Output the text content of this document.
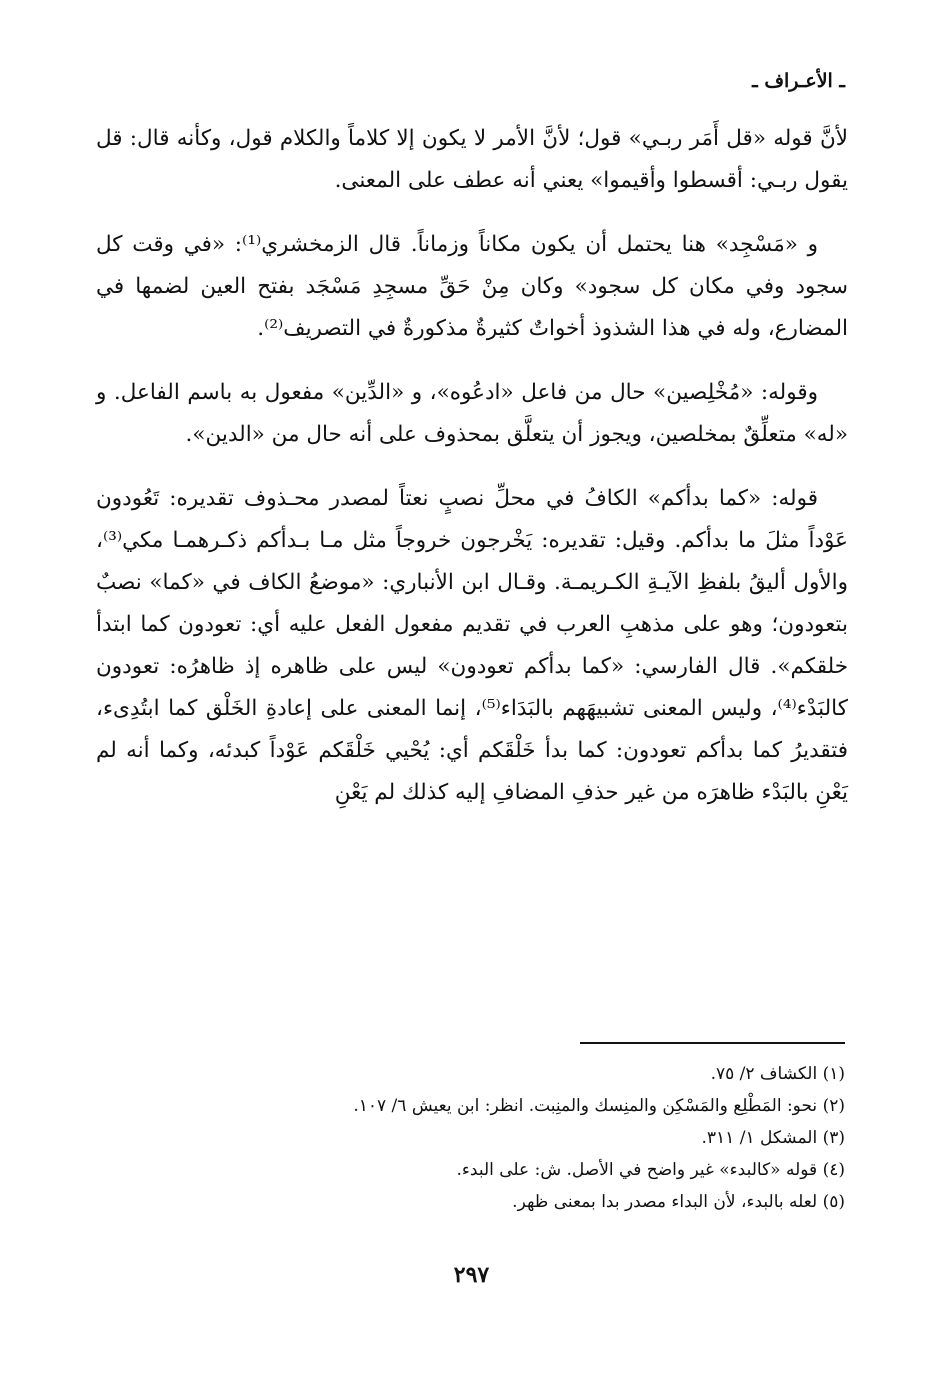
ـ الأعـراف ـ

لأنَّ قوله «قل أَمَر ربـي» قول؛ لأنَّ الأمر لا يكون إلا كلاماً والكلام قول، وكأنه قال: قل يقول ربـي: أقسطوا وأقيموا» يعني أنه عطف على المعنى.

و «مَسْجِد» هنا يحتمل أن يكون مكاناً وزماناً. قال الزمخشري⁽¹⁾: «في وقت كل سجود وفي مكان كل سجود» وكان مِنْ حَقِّ مسجِدِ مَسْجَد بفتح العين لضمها في المضارع، وله في هذا الشذوذ أخواتٌ كثيرةٌ مذكورةٌ في التصريف⁽²⁾.

وقوله: «مُخْلِصين» حال من فاعل «ادعُوه»، و «الدِّين» مفعول به باسم الفاعل. و «له» متعلِّقٌ بمخلصين، ويجوز أن يتعلَّق بمحذوف على أنه حال من «الدين».

قوله: «كما بدأكم» الكافُ في محلِّ نصبٍ نعتاً لمصدر محـذوف تقديره: تَعُودون عَوْداً مثلَ ما بدأكم. وقيل: تقديره: يَخْرجون خروجاً مثل مـا بـدأكم ذكـرهمـا مكي⁽³⁾، والأول أليقُ بلفظِ الآيـةِ الكـريمـة. وقـال ابن الأنباري: «موضعُ الكاف في «كما» نصبٌ بتعودون؛ وهو على مذهبِ العرب في تقديم مفعول الفعل عليه أي: تعودون كما ابتدأ خلقكم». قال الفارسي: «كما بدأكم تعودون» ليس على ظاهره إذ ظاهرُه: تعودون كالبَدْء⁽⁴⁾، وليس المعنى تشبيهَهم بالبَدَاء⁽⁵⁾، إنما المعنى على إعادةِ الخَلْق كما ابتُدِىء، فتقديرُ كما بدأكم تعودون: كما بدأ خَلْقَكم أي: يُحْيي خَلْقَكم عَوْداً كبدئه، وكما أنه لم يَعْنِ بالبَدْء ظاهرَه من غير حذفِ المضافِ إليه كذلك لم يَعْنِ

(١) الكشاف ٢/ ٧٥.
(٢) نحو: المَطْلِع والمَسْكِن والمنِسك والمنِبت. انظر: ابن يعيش ٦/ ١٠٧.
(٣) المشكل ١/ ٣١١.
(٤) قوله «كالبدء» غير واضح في الأصل. ش: على البدء.
(٥) لعله بالبدء، لأن البداء مصدر بدا بمعنى ظهر.
٢٩٧
